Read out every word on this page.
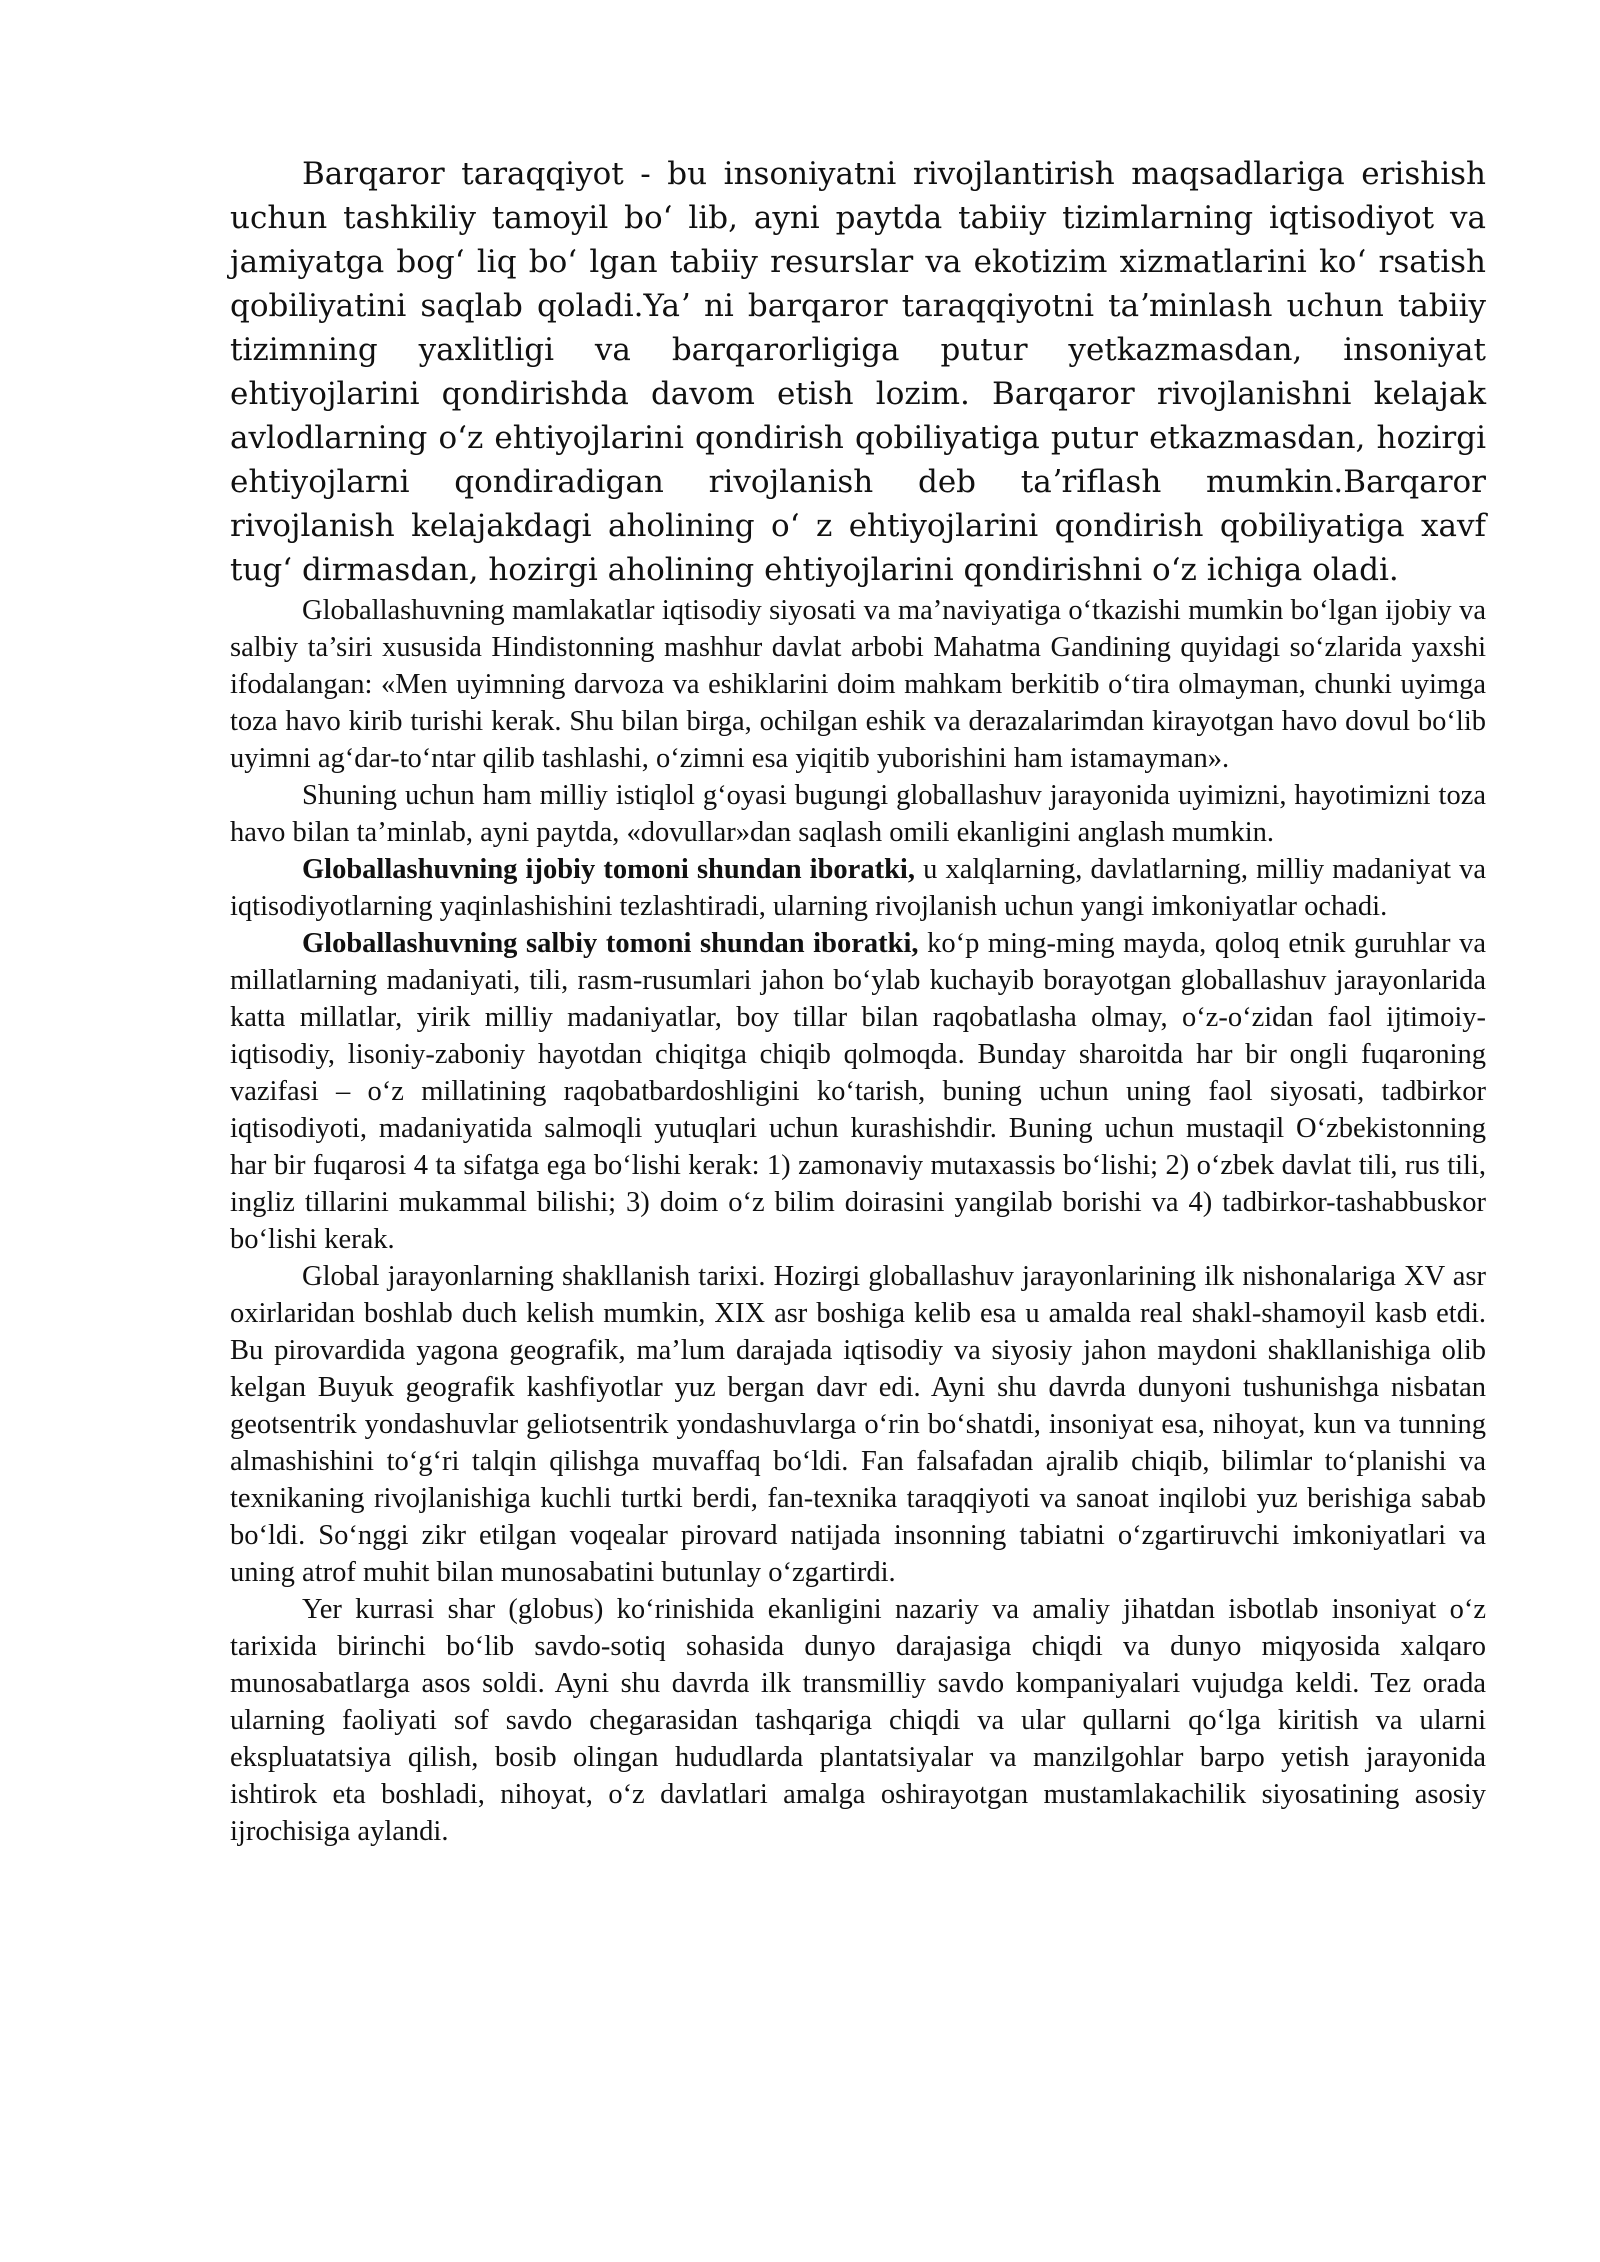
Barqaror taraqqiyot - bu insoniyatni rivojlantirish maqsadlariga erishish uchun tashkiliy tamoyil boʻ lib, ayni paytda tabiiy tizimlarning iqtisodiyot va jamiyatga bogʻ liq boʻ lgan tabiiy resurslar va ekotizim xizmatlarini koʻ rsatish qobiliyatini saqlab qoladi.Yaʼ ni barqaror taraqqiyotni taʼminlash uchun tabiiy tizimning yaxlitligi va barqarorligiga putur yetkazmasdan, insoniyat ehtiyojlarini qondirishda davom etish lozim. Barqaror rivojlanishni kelajak avlodlarning oʻz ehtiyojlarini qondirish qobiliyatiga putur etkazmasdan, hozirgi ehtiyojlarni qondiradigan rivojlanish deb taʼriflash mumkin.Barqaror rivojlanish kelajakdagi aholining oʻ z ehtiyojlarini qondirish qobiliyatiga xavf tugʻ dirmasdan, hozirgi aholining ehtiyojlarini qondirishni oʻz ichiga oladi.

Globallashuvning mamlakatlar iqtisodiy siyosati va ma’naviyatiga o‘tkazishi mumkin bo‘lgan ijobiy va salbiy ta’siri xususida Hindistonning mashhur davlat arbobi Mahatma Gandining quyidagi so‘zlarida yaxshi ifodalangan: «Men uyimning darvoza va eshiklarini doim mahkam berkitib o‘tira olmayman, chunki uyimga toza havo kirib turishi kerak. Shu bilan birga, ochilgan eshik va derazalarimdan kirayotgan havo dovul bo‘lib uyimni ag‘dar-to‘ntar qilib tashlashi, o‘zimni esa yiqitib yuborishini ham istamayman».

Shuning uchun ham milliy istiqlol g‘oyasi bugungi globallashuv jarayonida uyimizni, hayotimizni toza havo bilan ta’minlab, ayni paytda, «dovullar»dan saqlash omili ekanligini anglash mumkin.

Globallashuvning ijobiy tomoni shundan iboratki, u xalqlarning, davlatlarning, milliy madaniyat va iqtisodiyotlarning yaqinlashishini tezlashtiradi, ularning rivojlanish uchun yangi imkoniyatlar ochadi.

Globallashuvning salbiy tomoni shundan iboratki, ko‘p ming-ming mayda, qoloq etnik guruhlar va millatlarning madaniyati, tili, rasm-rusumlari jahon bo‘ylab kuchayib borayotgan globallashuv jarayonlarida katta millatlar, yirik milliy madaniyatlar, boy tillar bilan raqobatlasha olmay, o‘z-o‘zidan faol ijtimoiy-iqtisodiy, lisoniy-zaboniy hayotdan chiqitga chiqib qolmoqda. Bunday sharoitda har bir ongli fuqaroning vazifasi – o‘z millatining raqobatbardoshligini ko‘tarish, buning uchun uning faol siyosati, tadbirkor iqtisodiyoti, madaniyatida salmoqli yutuqlari uchun kurashishdir. Buning uchun mustaqil O‘zbekistonning har bir fuqarosi 4 ta sifatga ega bo‘lishi kerak: 1) zamonaviy mutaxassis bo‘lishi; 2) o‘zbek davlat tili, rus tili, ingliz tillarini mukammal bilishi; 3) doim o‘z bilim doirasini yangilab borishi va 4) tadbirkor-tashabbuskor bo‘lishi kerak.

Global jarayonlarning shakllanish tarixi. Hozirgi globallashuv jarayonlarining ilk nishonalariga XV asr oxirlaridan boshlab duch kelish mumkin, XIX asr boshiga kelib esa u amalda real shakl-shamoyil kasb etdi. Bu pirovardida yagona geografik, ma’lum darajada iqtisodiy va siyosiy jahon maydoni shakllanishiga olib kelgan Buyuk geografik kashfiyotlar yuz bergan davr edi. Ayni shu davrda dunyoni tushunishga nisbatan geotsentrik yondashuvlar geliotsentrik yondashuvlarga o‘rin bo‘shatdi, insoniyat esa, nihoyat, kun va tunning almashishini to‘g‘ri talqin qilishga muvaffaq bo‘ldi. Fan falsafadan ajralib chiqib, bilimlar to‘planishi va texnikaning rivojlanishiga kuchli turtki berdi, fan-texnika taraqqiyoti va sanoat inqilobi yuz berishiga sabab bo‘ldi. So‘nggi zikr etilgan voqealar pirovard natijada insonning tabiatni o‘zgartiruvchi imkoniyatlari va uning atrof muhit bilan munosabatini butunlay o‘zgartirdi.

Yer kurrasi shar (globus) ko‘rinishida ekanligini nazariy va amaliy jihatdan isbotlab insoniyat o‘z tarixida birinchi bo‘lib savdo-sotiq sohasida dunyo darajasiga chiqdi va dunyo miqyosida xalqaro munosabatlarga asos soldi. Ayni shu davrda ilk transmilliy savdo kompaniyalari vujudga keldi. Tez orada ularning faoliyati sof savdo chegarasidan tashqariga chiqdi va ular qullarni qo‘lga kiritish va ularni ekspluatatsiya qilish, bosib olingan hududlarda plantatsiyalar va manzilgohlar barpo yetish jarayonida ishtirok eta boshladi, nihoyat, o‘z davlatlari amalga oshirayotgan mustamlakachilik siyosatining asosiy ijrochisiga aylandi.
